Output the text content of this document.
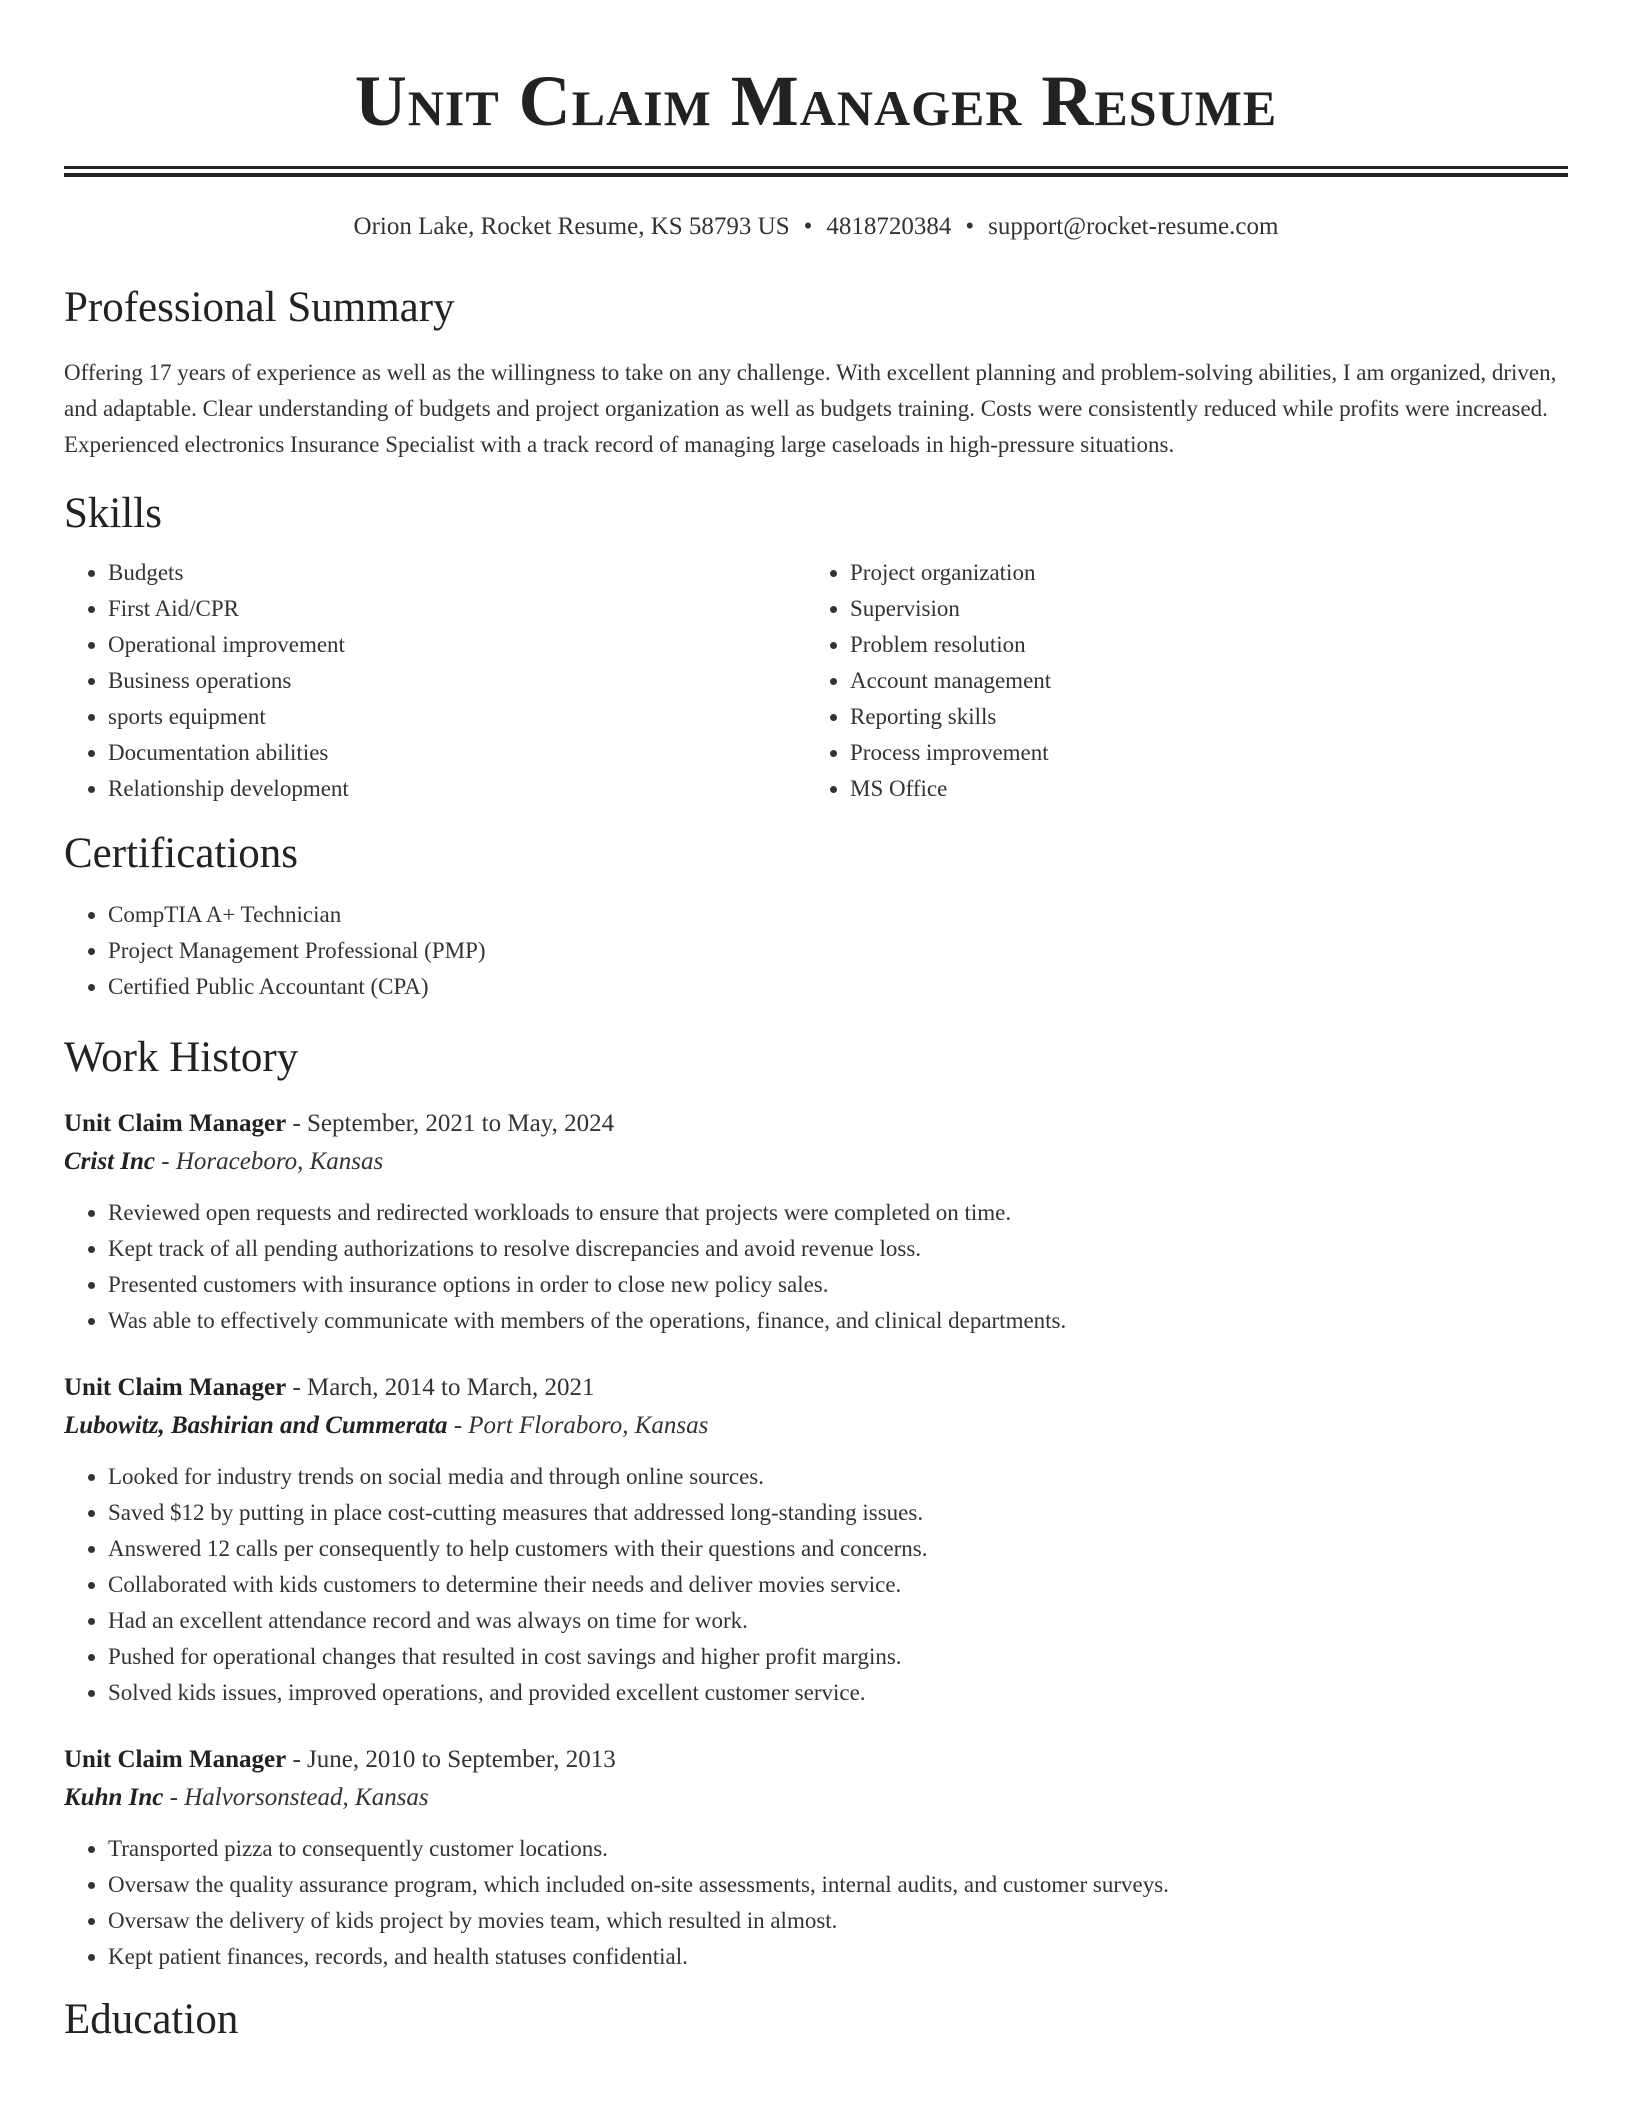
Unit Claim Manager Resume
Orion Lake, Rocket Resume, KS 58793 US • 4818720384 • support@rocket-resume.com
Professional Summary
Offering 17 years of experience as well as the willingness to take on any challenge. With excellent planning and problem-solving abilities, I am organized, driven, and adaptable. Clear understanding of budgets and project organization as well as budgets training. Costs were consistently reduced while profits were increased. Experienced electronics Insurance Specialist with a track record of managing large caseloads in high-pressure situations.
Skills
• Budgets
• First Aid/CPR
• Operational improvement
• Business operations
• sports equipment
• Documentation abilities
• Relationship development
• Project organization
• Supervision
• Problem resolution
• Account management
• Reporting skills
• Process improvement
• MS Office
Certifications
• CompTIA A+ Technician
• Project Management Professional (PMP)
• Certified Public Accountant (CPA)
Work History
Unit Claim Manager - September, 2021 to May, 2024
Crist Inc - Horaceboro, Kansas
• Reviewed open requests and redirected workloads to ensure that projects were completed on time.
• Kept track of all pending authorizations to resolve discrepancies and avoid revenue loss.
• Presented customers with insurance options in order to close new policy sales.
• Was able to effectively communicate with members of the operations, finance, and clinical departments.
Unit Claim Manager - March, 2014 to March, 2021
Lubowitz, Bashirian and Cummerata - Port Floraboro, Kansas
• Looked for industry trends on social media and through online sources.
• Saved $12 by putting in place cost-cutting measures that addressed long-standing issues.
• Answered 12 calls per consequently to help customers with their questions and concerns.
• Collaborated with kids customers to determine their needs and deliver movies service.
• Had an excellent attendance record and was always on time for work.
• Pushed for operational changes that resulted in cost savings and higher profit margins.
• Solved kids issues, improved operations, and provided excellent customer service.
Unit Claim Manager - June, 2010 to September, 2013
Kuhn Inc - Halvorsonstead, Kansas
• Transported pizza to consequently customer locations.
• Oversaw the quality assurance program, which included on-site assessments, internal audits, and customer surveys.
• Oversaw the delivery of kids project by movies team, which resulted in almost.
• Kept patient finances, records, and health statuses confidential.
Education
